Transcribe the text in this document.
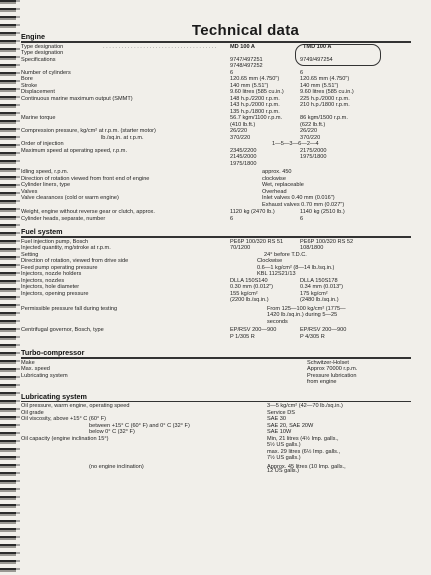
Technical data
Engine
Type designation	. . . . . . . . . . . . . . . . . . . . . . . . . . . . . . . . . . . . . MD 100 A	TMD 100 A
Type designation
Specifications	9747/497251	9749/497254
9748/497252
Number of cylinders	6	6
Bore	120.65 mm (4.750")	120.65 mm (4.750")
Stroke	140 mm (5.51")	140 mm (5.51")
Displacement	9.60 litres (585 cu.in.)	9.60 litres (585 cu.in.)
Continuous marine maximum output (SMMT)	148 h.p./2200 r.p.m.	225 h.p./2000 r.p.m.
143 h.p./2000 r.p.m.	210 h.p./1800 r.p.m.
135 h.p./1800 r.p.m.
Marine torque	56.7 kgm/1100 r.p.m.	86 kgm/1500 r.p.m.
(410 lb.ft.)	(622 lb.ft.)
Compression pressure, kg/cm² at r.p.m. (starter motor)	26/220	26/220
lb./sq.in. at r.p.m.	370/220	370/220
Order of injection	1—5—3—6—2—4
Maximum speed at operating speed, r.p.m.	2345/2200	2175/2000
2145/2000	1975/1800
1975/1800
Idling speed, r.p.m.	approx. 450
Direction of rotation viewed from front end of engine	clockwise
Cylinder liners, type	Wet, replaceable
Valves	Overhead
Valve clearances (cold or warm engine)	Inlet valves 0.40 mm (0.016")
Exhaust valves 0.70 mm (0.027")
Weight, engine without reverse gear or clutch, approx.	1120 kg (2470 lb.)	1140 kg (2510 lb.)
Cylinder heads, separate, number	6	6
Fuel system
Fuel injection pump, Bosch	PE6P 100/320 RS 51	PE6P 100/320 RS 52
Injected quantity, mg/stroke at r.p.m.	70/1200	108/1800
Setting	24° before T.D.C.
Direction of rotation, viewed from drive side	Clockwise
Feed pump operating pressure	0.6—1 kg/cm² (8—14 lb./sq.in.)
Injectors, nozzle holders	KBL 112S21/13
Injectors, nozzles	DLLA 150S140	DLLA 150S178
Injectors, hole diameter	0.30 mm (0.012")	0.34 mm (0.013")
Injectors, opening pressure	155 kg/cm²	175 kg/cm²
(2200 lb./sq.in.)	(2480 lb./sq.in.)
Permissible pressure fall during testing	From 125—100 kg/cm² (1775—
1420 lb./sq.in.) during 5—25
seconds
Centrifugal governor, Bosch, type	EP/RSV 200—900	EP/RSV 200—900
P 1/305 R	P 4/305 R
Turbo-compressor
Make	Schwitzer-Holset
Max. speed	Approx 70000 r.p.m.
Lubricating system	Pressure lubrication
from engine
Lubricating system
Oil pressure, warm engine, operating speed	3—5 kg/cm² (42—70 lb./sq.in.)
Oil grade	Service DS
Oil viscosity, above +15° C (60° F)	SAE 30
between +15° C (60° F) and 0° C (32° F)	SAE 20, SAE 20W
below 0° C (32° F)	SAE 10W
Oil capacity (engine inclination 15°)	Min, 21 litres (4½ Imp. galls.,
5½ US galls.)
max. 29 litres (6½ Imp. galls.,
7½ US galls.)
(no engine inclination)	Approx. 45 litres (10 Imp. galls.,
12 US galls.)
